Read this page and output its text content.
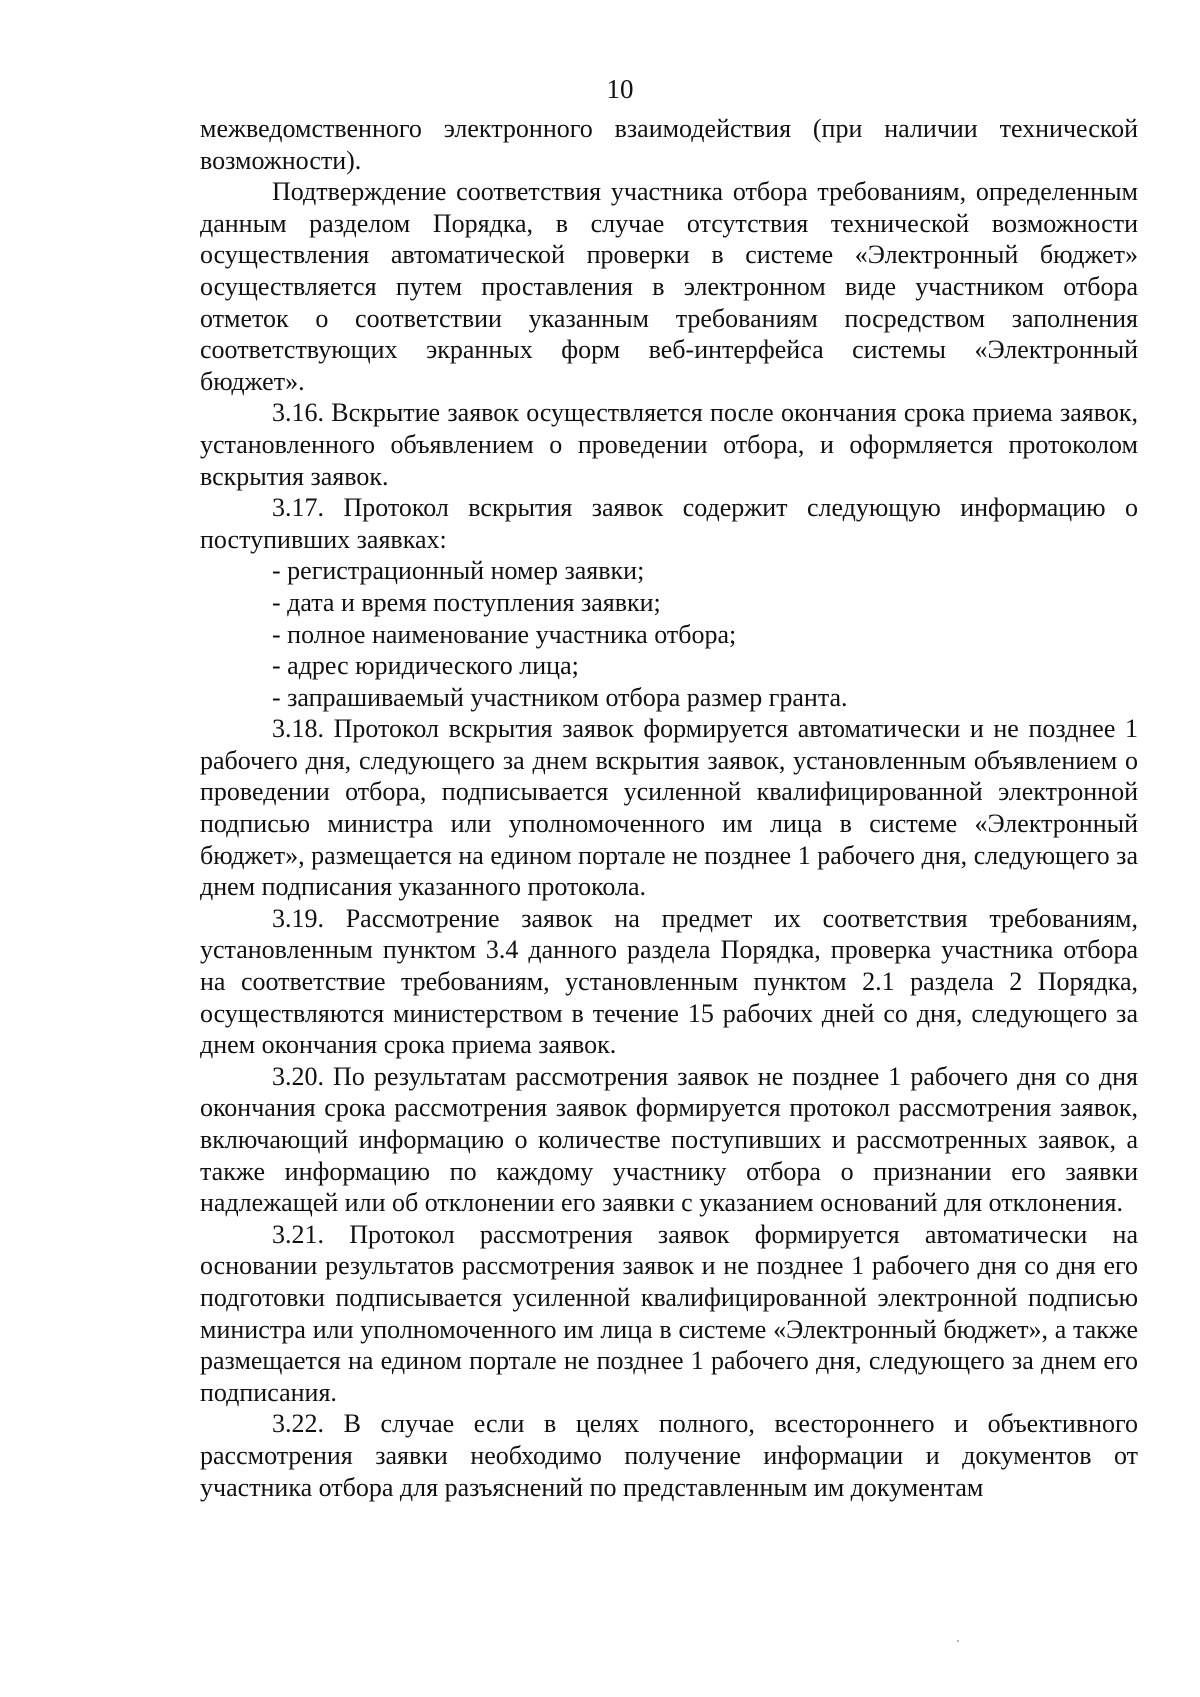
10

межведомственного электронного взаимодействия (при наличии технической возможности).

Подтверждение соответствия участника отбора требованиям, определенным данным разделом Порядка, в случае отсутствия технической возможности осуществления автоматической проверки в системе «Электронный бюджет» осуществляется путем проставления в электронном виде участником отбора отметок о соответствии указанным требованиям посредством заполнения соответствующих экранных форм веб-интерфейса системы «Электронный бюджет».

3.16. Вскрытие заявок осуществляется после окончания срока приема заявок, установленного объявлением о проведении отбора, и оформляется протоколом вскрытия заявок.

3.17. Протокол вскрытия заявок содержит следующую информацию о поступивших заявках:

- регистрационный номер заявки;

- дата и время поступления заявки;

- полное наименование участника отбора;

- адрес юридического лица;

- запрашиваемый участником отбора размер гранта.

3.18. Протокол вскрытия заявок формируется автоматически и не позднее 1 рабочего дня, следующего за днем вскрытия заявок, установленным объявлением о проведении отбора, подписывается усиленной квалифицированной электронной подписью министра или уполномоченного им лица в системе «Электронный бюджет», размещается на едином портале не позднее 1 рабочего дня, следующего за днем подписания указанного протокола.

3.19. Рассмотрение заявок на предмет их соответствия требованиям, установленным пунктом 3.4 данного раздела Порядка, проверка участника отбора на соответствие требованиям, установленным пунктом 2.1 раздела 2 Порядка, осуществляются министерством в течение 15 рабочих дней со дня, следующего за днем окончания срока приема заявок.

3.20. По результатам рассмотрения заявок не позднее 1 рабочего дня со дня окончания срока рассмотрения заявок формируется протокол рассмотрения заявок, включающий информацию о количестве поступивших и рассмотренных заявок, а также информацию по каждому участнику отбора о признании его заявки надлежащей или об отклонении его заявки с указанием оснований для отклонения.

3.21. Протокол рассмотрения заявок формируется автоматически на основании результатов рассмотрения заявок и не позднее 1 рабочего дня со дня его подготовки подписывается усиленной квалифицированной электронной подписью министра или уполномоченного им лица в системе «Электронный бюджет», а также размещается на едином портале не позднее 1 рабочего дня, следующего за днем его подписания.

3.22. В случае если в целях полного, всестороннего и объективного рассмотрения заявки необходимо получение информации и документов от участника отбора для разъяснений по представленным им документам
